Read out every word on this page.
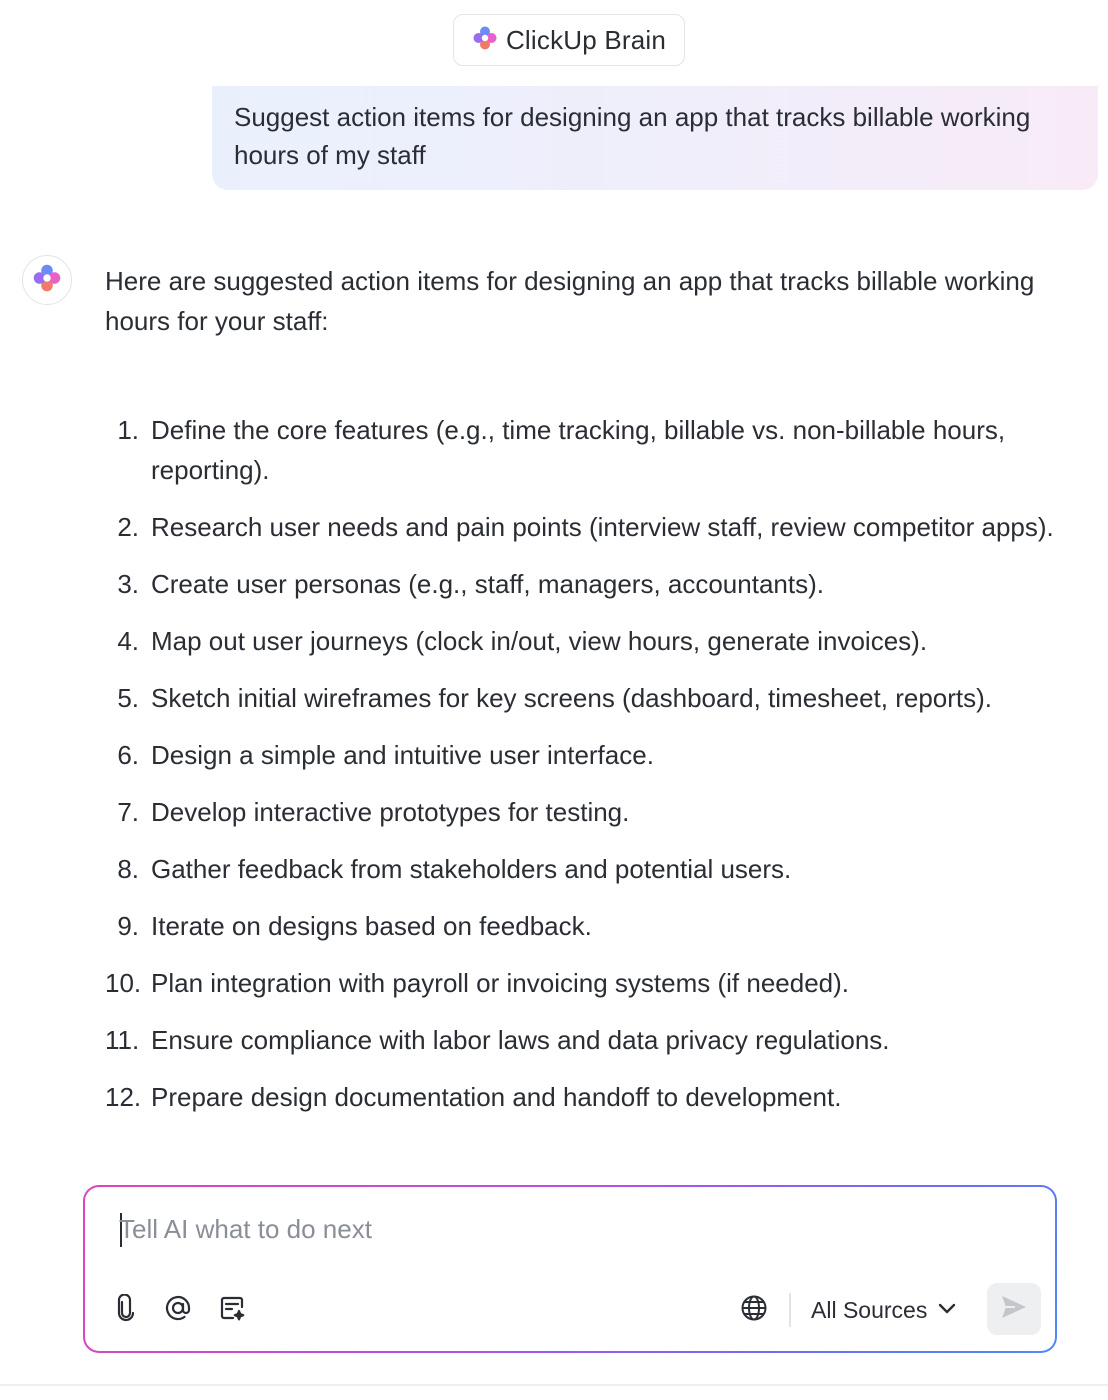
ClickUp Brain

Suggest action items for designing an app that tracks billable working hours of my staff

Here are suggested action items for designing an app that tracks billable working hours for your staff:

1. Define the core features (e.g., time tracking, billable vs. non-billable hours, reporting).
2. Research user needs and pain points (interview staff, review competitor apps).
3. Create user personas (e.g., staff, managers, accountants).
4. Map out user journeys (clock in/out, view hours, generate invoices).
5. Sketch initial wireframes for key screens (dashboard, timesheet, reports).
6. Design a simple and intuitive user interface.
7. Develop interactive prototypes for testing.
8. Gather feedback from stakeholders and potential users.
9. Iterate on designs based on feedback.
10. Plan integration with payroll or invoicing systems (if needed).
11. Ensure compliance with labor laws and data privacy regulations.
12. Prepare design documentation and handoff to development.
Tell AI what to do next
All Sources
